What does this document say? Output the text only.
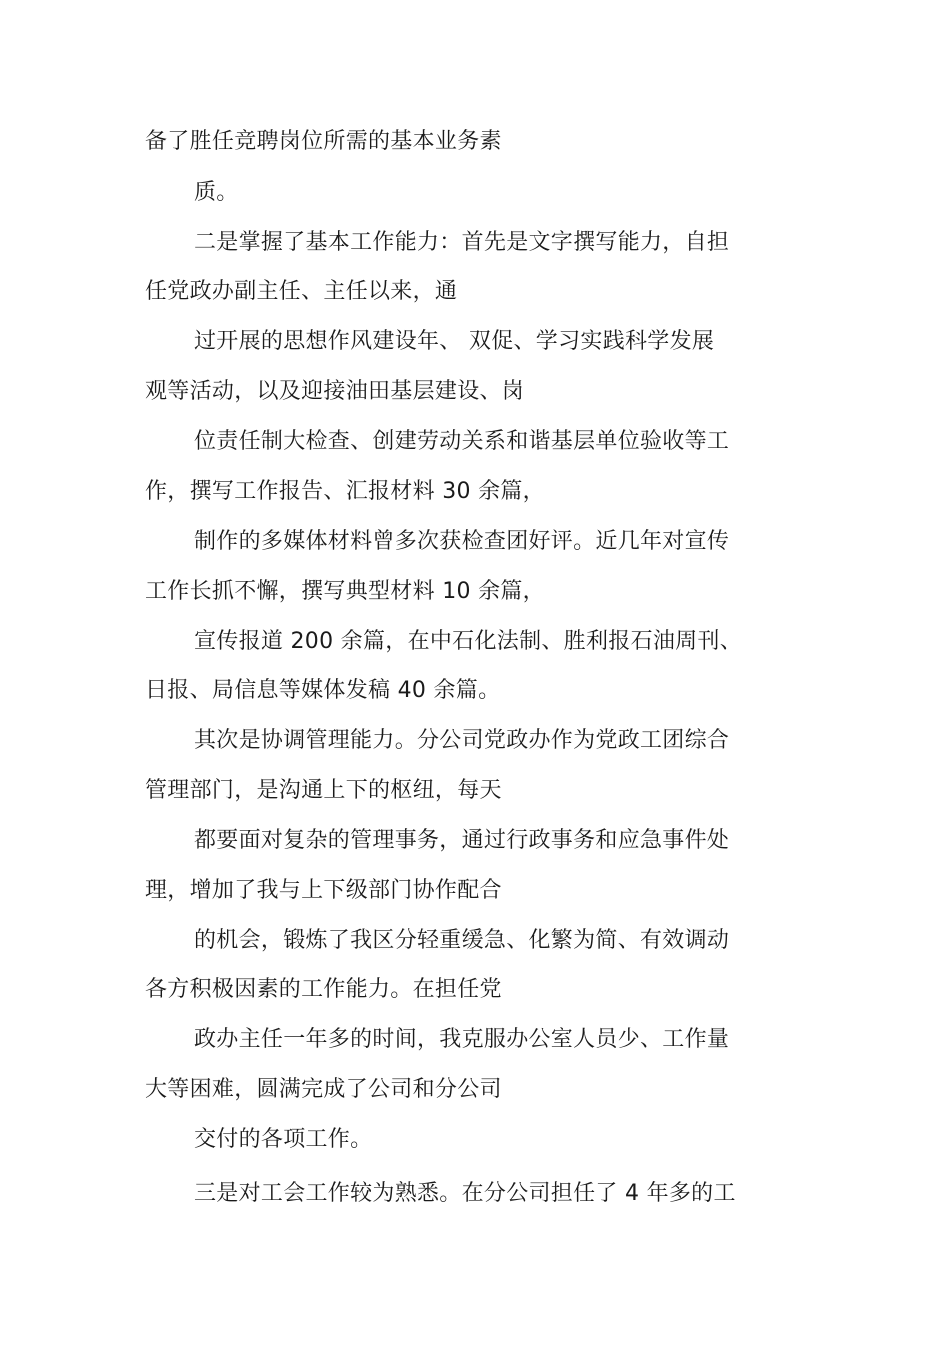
备了胜任竞聘岗位所需的基本业务素
质。
二是掌握了基本工作能力：首先是文字撰写能力，自担
任党政办副主任、主任以来，通
过开展的思想作风建设年、 双促、学习实践科学发展
观等活动，以及迎接油田基层建设、岗
位责任制大检查、创建劳动关系和谐基层单位验收等工
作，撰写工作报告、汇报材料 30 余篇，
制作的多媒体材料曾多次获检查团好评。近几年对宣传
工作长抓不懈，撰写典型材料 10 余篇，
宣传报道 200 余篇，在中石化法制、胜利报石油周刊、
日报、局信息等媒体发稿 40 余篇。
其次是协调管理能力。分公司党政办作为党政工团综合
管理部门，是沟通上下的枢纽，每天
都要面对复杂的管理事务，通过行政事务和应急事件处
理，增加了我与上下级部门协作配合
的机会，锻炼了我区分轻重缓急、化繁为简、有效调动
各方积极因素的工作能力。在担任党
政办主任一年多的时间，我克服办公室人员少、工作量
大等困难，圆满完成了公司和分公司
交付的各项工作。
三是对工会工作较为熟悉。在分公司担任了 4 年多的工
